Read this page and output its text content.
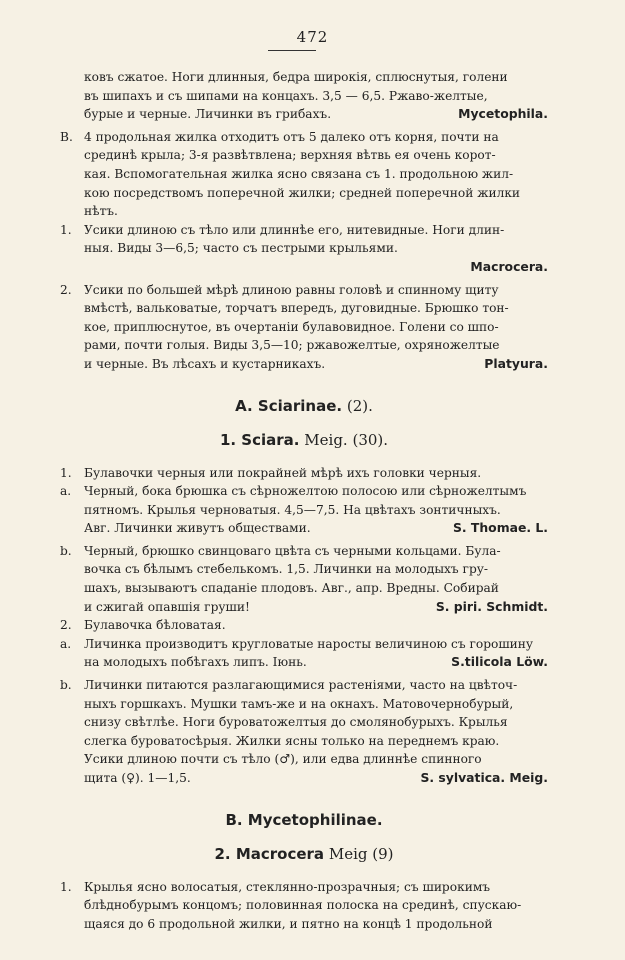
472
ковъ сжатое. Ноги длинныя, бедра широкія, сплюснутыя, голени
въ шипахъ и съ шипами на концахъ. 3,5 — 6,5. Ржаво-желтые,
бурые и черные. Личинки въ грибахъ.	Mycetophila.
B. 4 продольная жилка отходитъ отъ 5 далеко отъ корня, почти на
срединѣ крыла; 3-я развѣтвлена; верхняя вѣтвь ея очень корот-
кая. Вспомогательная жилка ясно связана съ 1. продольною жил-
кою посредствомъ поперечной жилки; средней поперечной жилки
нѣтъ.
1. Усики длиною съ тѣло или длиннѣе его, нитевидные. Ноги длин-
ныя. Виды 3—6,5; часто съ пестрыми крыльями.
Macrocera.
2. Усики по большей мѣрѣ длиною равны головѣ и спинному щиту
вмѣстѣ, вальковатые, торчатъ впередъ, дуговидные. Брюшко тон-
кое, приплюснутое, въ очертаніи булавовидное. Голени со шпо-
рами, почти голыя. Виды 3,5—10; ржавожелтые, охряножелтые
и черные. Въ лѣсахъ и кустарникахъ.	Platyura.
A. Sciarinae. (2).
1. Sciara. Meig. (30).
1. Булавочки черныя или покрайней мѣрѣ ихъ головки черныя.
a. Черный, бока брюшка съ сѣрножелтою полосою или сѣрножелтымъ
пятномъ. Крылья черноватыя. 4,5—7,5. На цвѣтахъ зонтичныхъ.
Авг. Личинки живутъ обществами.	S. Thomae. L.
b. Черный, брюшко свинцоваго цвѣта съ черными кольцами. Була-
вочка съ бѣлымъ стебелькомъ. 1,5. Личинки на молодыхъ гру-
шахъ, вызываютъ спаданіе плодовъ. Авг., апр. Вредны. Собирай
и сжигай опавшія груши!	S. piri. Schmidt.
2. Булавочка бѣловатая.
a. Личинка производитъ кругловатые наросты величиною съ горошину
на молодыхъ побѣгахъ липъ. Іюнь.	S.tilicola Löw.
b. Личинки питаются разлагающимися растеніями, часто на цвѣточ-
ныхъ горшкахъ. Мушки тамъ-же и на окнахъ. Матовочернобурый,
снизу свѣтлѣе. Ноги буроватожелтыя до смолянобурыхъ. Крылья
слегка буроватосѣрыя. Жилки ясны только на переднемъ краю.
Усики длиною почти съ тѣло (♂), или едва длиннѣе спинного
щита (♀). 1—1,5.	S. sylvatica. Meig.
B. Mycetophilinae.
2. Macrocera Meig (9)
1. Крылья ясно волосатыя, стеклянно-прозрачныя; съ широкимъ
блѣднобурымъ концомъ; половинная полоска на срединѣ, спускаю-
щаяся до 6 продольной жилки, и пятно на концѣ 1 продольной
